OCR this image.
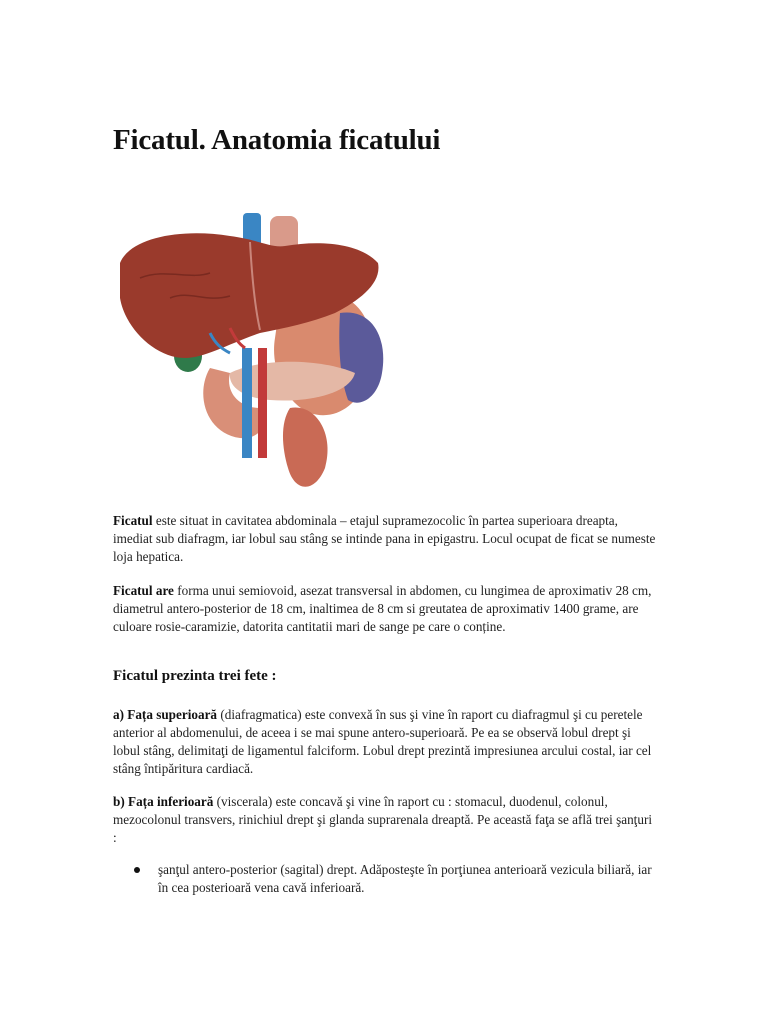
Ficatul. Anatomia ficatului

Ficatul este situat in cavitatea abdominala – etajul supramezocolic în partea superioara dreapta, imediat sub diafragm, iar lobul sau stâng se intinde pana in epigastru. Locul ocupat de ficat se numeste loja hepatica.

Ficatul are forma unui semiovoid, asezat transversal in abdomen, cu lungimea de aproximativ 28 cm, diametrul antero-posterior de 18 cm, inaltimea de 8 cm si greutatea de aproximativ 1400 grame, are culoare rosie-caramizie, datorita cantitatii mari de sange pe care o conține.

Ficatul prezinta trei fete :

a) Fața superioară (diafragmatica) este convexă în sus şi vine în raport cu diafragmul şi cu peretele anterior al abdomenului, de aceea i se mai spune antero-superioară. Pe ea se observă lobul drept şi lobul stâng, delimitaţi de ligamentul falciform. Lobul drept prezintă impresiunea arcului costal, iar cel stâng întipăritura cardiacă.

b) Fața inferioară (viscerala) este concavă şi vine în raport cu : stomacul, duodenul, colonul, mezocolonul transvers, rinichiul drept şi glanda suprarenala dreaptă. Pe această faţa se află trei şanţuri :

şanţul antero-posterior (sagital) drept. Adăposteşte în porţiunea anterioară vezicula biliară, iar în cea posterioară vena cavă inferioară.
